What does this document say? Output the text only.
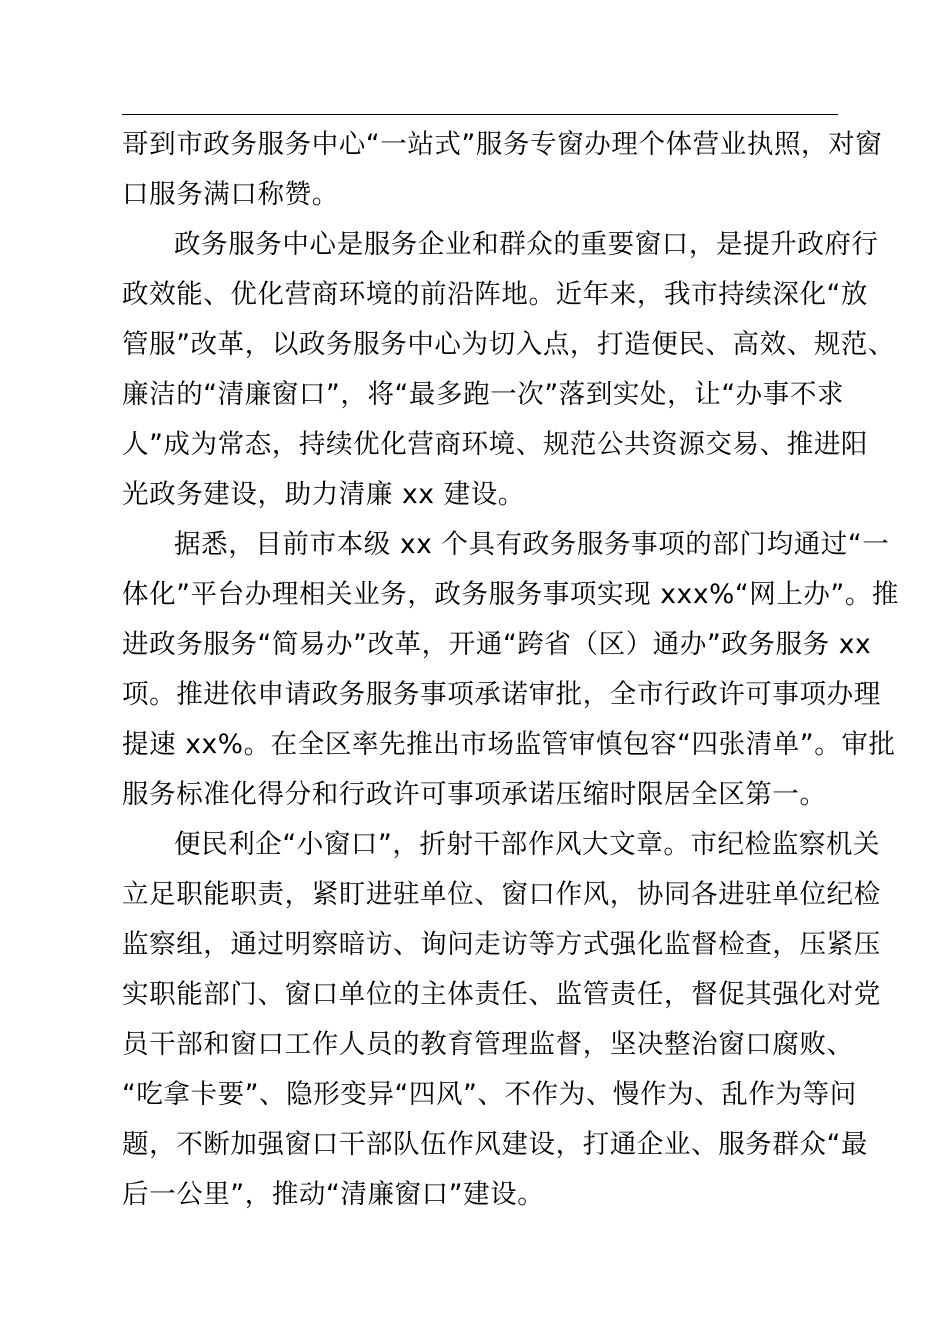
哥到市政务服务中心“一站式”服务专窗办理个体营业执照，对窗
口服务满口称赞。

政务服务中心是服务企业和群众的重要窗口，是提升政府行
政效能、优化营商环境的前沿阵地。近年来，我市持续深化“放
管服”改革，以政务服务中心为切入点，打造便民、高效、规范、
廉洁的“清廉窗口”，将“最多跑一次”落到实处，让“办事不求
人”成为常态，持续优化营商环境、规范公共资源交易、推进阳
光政务建设，助力清廉 xx 建设。

据悉，目前市本级 xx 个具有政务服务事项的部门均通过“一
体化”平台办理相关业务，政务服务事项实现 xxx%“网上办”。推
进政务服务“简易办”改革，开通“跨省（区）通办”政务服务 xx
项。推进依申请政务服务事项承诺审批，全市行政许可事项办理
提速 xx%。在全区率先推出市场监管审慎包容“四张清单”。审批
服务标准化得分和行政许可事项承诺压缩时限居全区第一。

便民利企“小窗口”，折射干部作风大文章。市纪检监察机关
立足职能职责，紧盯进驻单位、窗口作风，协同各进驻单位纪检
监察组，通过明察暗访、询问走访等方式强化监督检查，压紧压
实职能部门、窗口单位的主体责任、监管责任，督促其强化对党
员干部和窗口工作人员的教育管理监督，坚决整治窗口腐败、
“吃拿卡要”、隐形变异“四风”、不作为、慢作为、乱作为等问
题，不断加强窗口干部队伍作风建设，打通企业、服务群众“最
后一公里”，推动“清廉窗口”建设。
